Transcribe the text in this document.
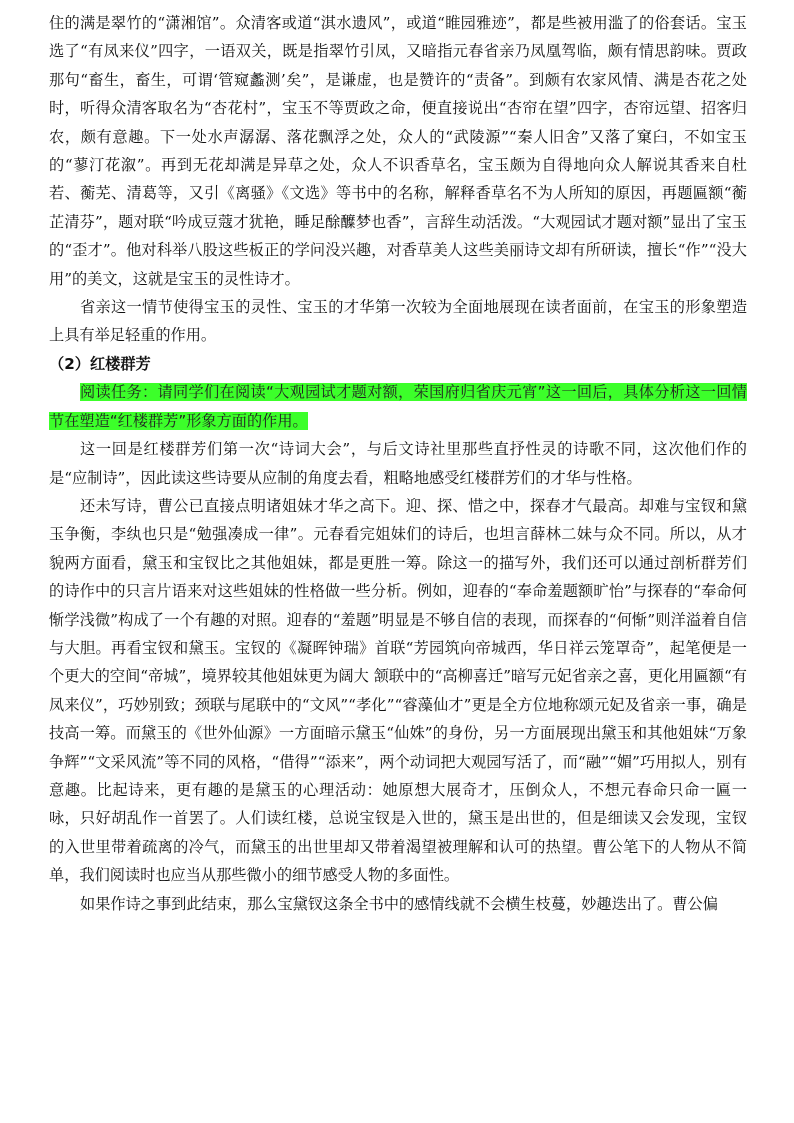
住的满是翠竹的“潇湘馆”。众清客或道“淇水遗风”，或道“睢园雅迹”，都是些被用滥了的俗套话。宝玉选了“有凤来仪”四字，一语双关，既是指翠竹引凤，又暗指元春省亲乃凤凰驾临，颇有情思韵味。贾政那句“畜生，畜生，可谓‘管窥蠡测’矣”，是谦虚，也是赞许的“责备”。到颇有农家风情、满是杏花之处时，听得众清客取名为“杏花村”，宝玉不等贾政之命，便直接说出“杏帘在望”四字，杏帘远望、招客归农，颇有意趣。下一处水声潺潺、落花飘浮之处，众人的“武陵源”“秦人旧舍”又落了窠臼，不如宝玉的“蓼汀花溆”。再到无花却满是异草之处，众人不识香草名，宝玉颇为自得地向众人解说其香来自杜若、蘅芜、清葛等，又引《离骚》《文选》等书中的名称，解释香草名不为人所知的原因，再题匾额“蘅芷清芬”，题对联“吟成豆蔻才犹艳，睡足酴醾梦也香”，言辞生动活泼。“大观园试才题对额”显出了宝玉的“歪才”。他对科举八股这些板正的学问没兴趣，对香草美人这些美丽诗文却有所研读，擅长“作”“没大用”的美文，这就是宝玉的灵性诗才。

省亲这一情节使得宝玉的灵性、宝玉的才华第一次较为全面地展现在读者面前，在宝玉的形象塑造上具有举足轻重的作用。

（2）红楼群芳

阅读任务：请同学们在阅读“大观园试才题对额，荣国府归省庆元宵”这一回后，具体分析这一回情节在塑造“红楼群芳”形象方面的作用。

这一回是红楼群芳们第一次“诗词大会”，与后文诗社里那些直抒性灵的诗歌不同，这次他们作的是“应制诗”，因此读这些诗要从应制的角度去看，粗略地感受红楼群芳们的才华与性格。

还未写诗，曹公已直接点明诸姐妹才华之高下。迎、探、惜之中，探春才气最高。却难与宝钗和黛玉争衡，李纨也只是“勉强凑成一律”。元春看完姐妹们的诗后，也坦言薛林二妹与众不同。所以，从才貌两方面看，黛玉和宝钗比之其他姐妹，都是更胜一筹。除这一的描写外，我们还可以通过剖析群芳们的诗作中的只言片语来对这些姐妹的性格做一些分析。例如，迎春的“奉命羞题额旷怡”与探春的“奉命何惭学浅微”构成了一个有趣的对照。迎春的“羞题”明显是不够自信的表现，而探春的“何惭”则洋溢着自信与大胆。再看宝钗和黛玉。宝钗的《凝晖钟瑞》首联“芳园筑向帝城西，华日祥云笼罩奇”，起笔便是一个更大的空间“帝城”，境界较其他姐妹更为阔大 颔联中的“高柳喜迁”暗写元妃省亲之喜，更化用匾额“有凤来仪”，巧妙别致；颈联与尾联中的“文风”“孝化”“睿藻仙才”更是全方位地称颂元妃及省亲一事，确是技高一筹。而黛玉的《世外仙源》一方面暗示黛玉“仙姝”的身份，另一方面展现出黛玉和其他姐妹“万象争辉”“文采风流”等不同的风格，“借得”“添来”，两个动词把大观园写活了，而“融”“媚”巧用拟人，别有意趣。比起诗来，更有趣的是黛玉的心理活动：她原想大展奇才，压倒众人，不想元春命只命一匾一咏，只好胡乱作一首罢了。人们读红楼，总说宝钗是入世的，黛玉是出世的，但是细读又会发现，宝钗的入世里带着疏离的冷气，而黛玉的出世里却又带着渴望被理解和认可的热望。曹公笔下的人物从不简单，我们阅读时也应当从那些微小的细节感受人物的多面性。

如果作诗之事到此结束，那么宝黛钗这条全书中的感情线就不会横生枝蔓，妙趣迭出了。曹公偏
